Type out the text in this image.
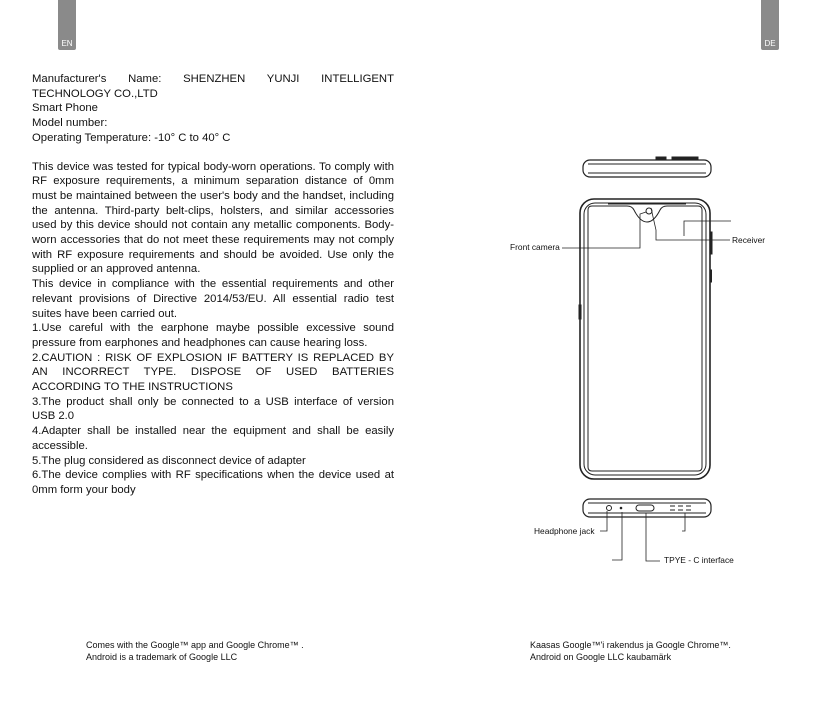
EN	DE

Manufacturer's Name: SHENZHEN YUNJI INTELLIGENT TECHNOLOGY CO.,LTD

Smart Phone

Model number:

Operating Temperature: -10° C to 40° C

This device was tested for typical body-worn operations. To comply with RF exposure requirements, a minimum separation distance of 0mm must be maintained between the user's body and the handset, including the antenna. Third-party belt-clips, holsters, and similar accessories used by this device should not contain any metallic components. Body-worn accessories that do not meet these requirements may not comply with RF exposure requirements and should be avoided. Use only the supplied or an approved antenna.

This device in compliance with the essential requirements and other relevant provisions of Directive 2014/53/EU. All essential radio test suites have been carried out.

1.Use careful with the earphone maybe possible excessive sound pressure from earphones and headphones can cause hearing loss.

2.CAUTION : RISK OF EXPLOSION IF BATTERY IS REPLACED BY AN INCORRECT TYPE. DISPOSE OF USED BATTERIES ACCORDING TO THE INSTRUCTIONS

3.The product shall only be connected to a USB interface of version USB 2.0

4.Adapter shall be installed near the equipment and shall be easily accessible.

5.The plug considered as disconnect device of adapter

6.The device complies with RF specifications when the device used at 0mm form your body

Comes with the Google™ app and Google Chrome™ .
Android is a trademark of Google LLC
Kaasas Google™'i rakendus ja Google Chrome™.
Android on Google LLC kaubamärk
Front camera
Receiver
Headphone jack
TPYE - C interface
